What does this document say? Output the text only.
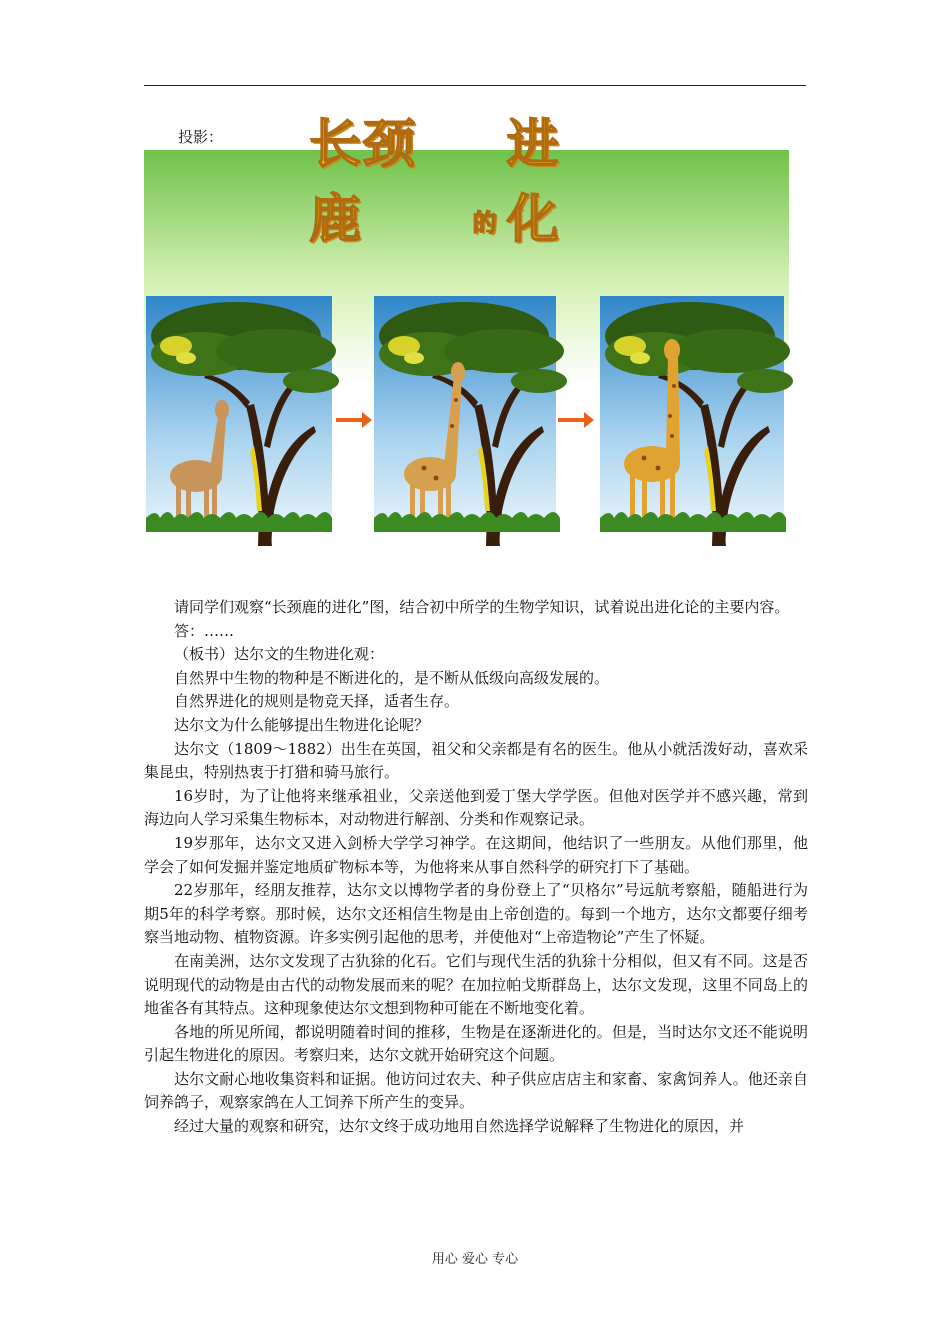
投影： 长颈鹿	的
进化

请同学们观察“长颈鹿的进化”图，结合初中所学的生物学知识，试着说出进化论的主要内容。

答：……

（板书）达尔文的生物进化观：

自然界中生物的物种是不断进化的，是不断从低级向高级发展的。

自然界进化的规则是物竞天择，适者生存。

达尔文为什么能够提出生物进化论呢？

达尔文（1809～1882）出生在英国，祖父和父亲都是有名的医生。他从小就活泼好动，喜欢采集昆虫，特别热衷于打猎和骑马旅行。

16岁时，为了让他将来继承祖业，父亲送他到爱丁堡大学学医。但他对医学并不感兴趣，常到海边向人学习采集生物标本，对动物进行解剖、分类和作观察记录。

19岁那年，达尔文又进入剑桥大学学习神学。在这期间，他结识了一些朋友。从他们那里，他学会了如何发掘并鉴定地质矿物标本等，为他将来从事自然科学的研究打下了基础。

22岁那年，经朋友推荐，达尔文以博物学者的身份登上了“贝格尔”号远航考察船，随船进行为期5年的科学考察。那时候，达尔文还相信生物是由上帝创造的。每到一个地方，达尔文都要仔细考察当地动物、植物资源。许多实例引起他的思考，并使他对“上帝造物论”产生了怀疑。

在南美洲，达尔文发现了古犰狳的化石。它们与现代生活的犰狳十分相似，但又有不同。这是否说明现代的动物是由古代的动物发展而来的呢？在加拉帕戈斯群岛上，达尔文发现，这里不同岛上的地雀各有其特点。这种现象使达尔文想到物种可能在不断地变化着。

各地的所见所闻，都说明随着时间的推移，生物是在逐渐进化的。但是，当时达尔文还不能说明引起生物进化的原因。考察归来，达尔文就开始研究这个问题。

达尔文耐心地收集资料和证据。他访问过农夫、种子供应店店主和家畜、家禽饲养人。他还亲自饲养鸽子，观察家鸽在人工饲养下所产生的变异。

经过大量的观察和研究，达尔文终于成功地用自然选择学说解释了生物进化的原因，并

用心 爱心 专心
